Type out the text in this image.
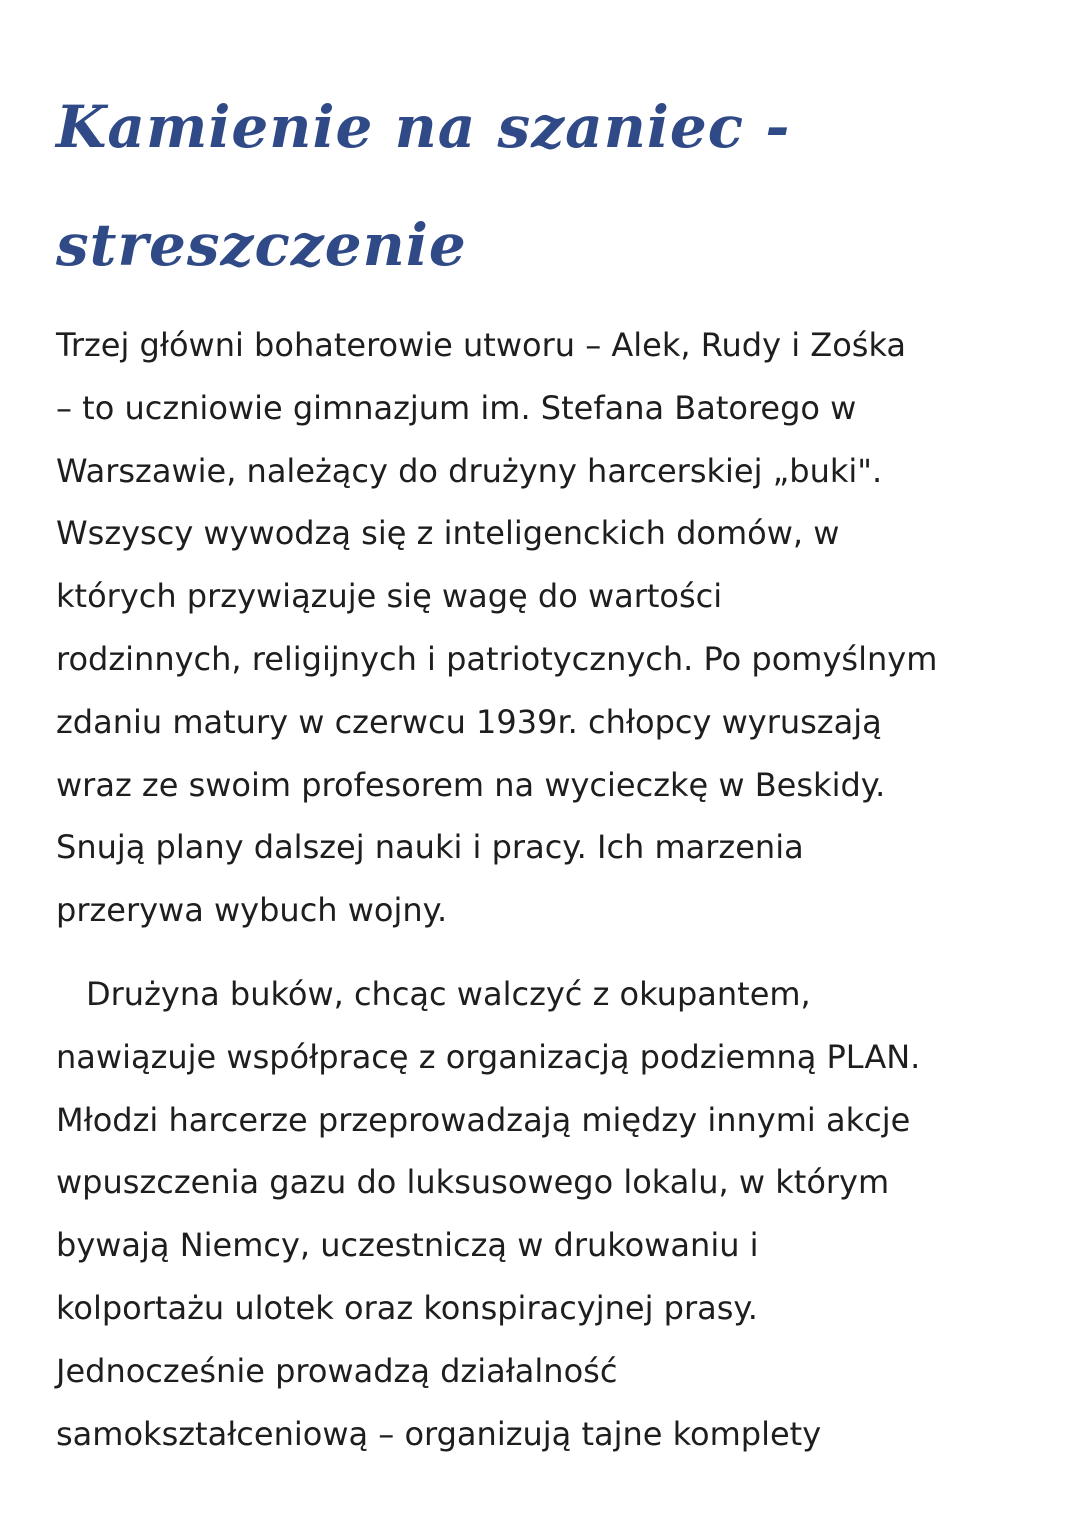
Kamienie na szaniec -
streszczenie

Trzej główni bohaterowie utworu – Alek, Rudy i Zośka
– to uczniowie gimnazjum im. Stefana Batorego w
Warszawie, należący do drużyny harcerskiej „buki".
Wszyscy wywodzą się z inteligenckich domów, w
których przywiązuje się wagę do wartości
rodzinnych, religijnych i patriotycznych. Po pomyślnym
zdaniu matury w czerwcu 1939r. chłopcy wyruszają
wraz ze swoim profesorem na wycieczkę w Beskidy.
Snują plany dalszej nauki i pracy. Ich marzenia
przerywa wybuch wojny.

Drużyna buków, chcąc walczyć z okupantem,
nawiązuje współpracę z organizacją podziemną PLAN.
Młodzi harcerze przeprowadzają między innymi akcje
wpuszczenia gazu do luksusowego lokalu, w którym
bywają Niemcy, uczestniczą w drukowaniu i
kolportażu ulotek oraz konspiracyjnej prasy.
Jednocześnie prowadzą działalność
samokształceniową – organizują tajne komplety
